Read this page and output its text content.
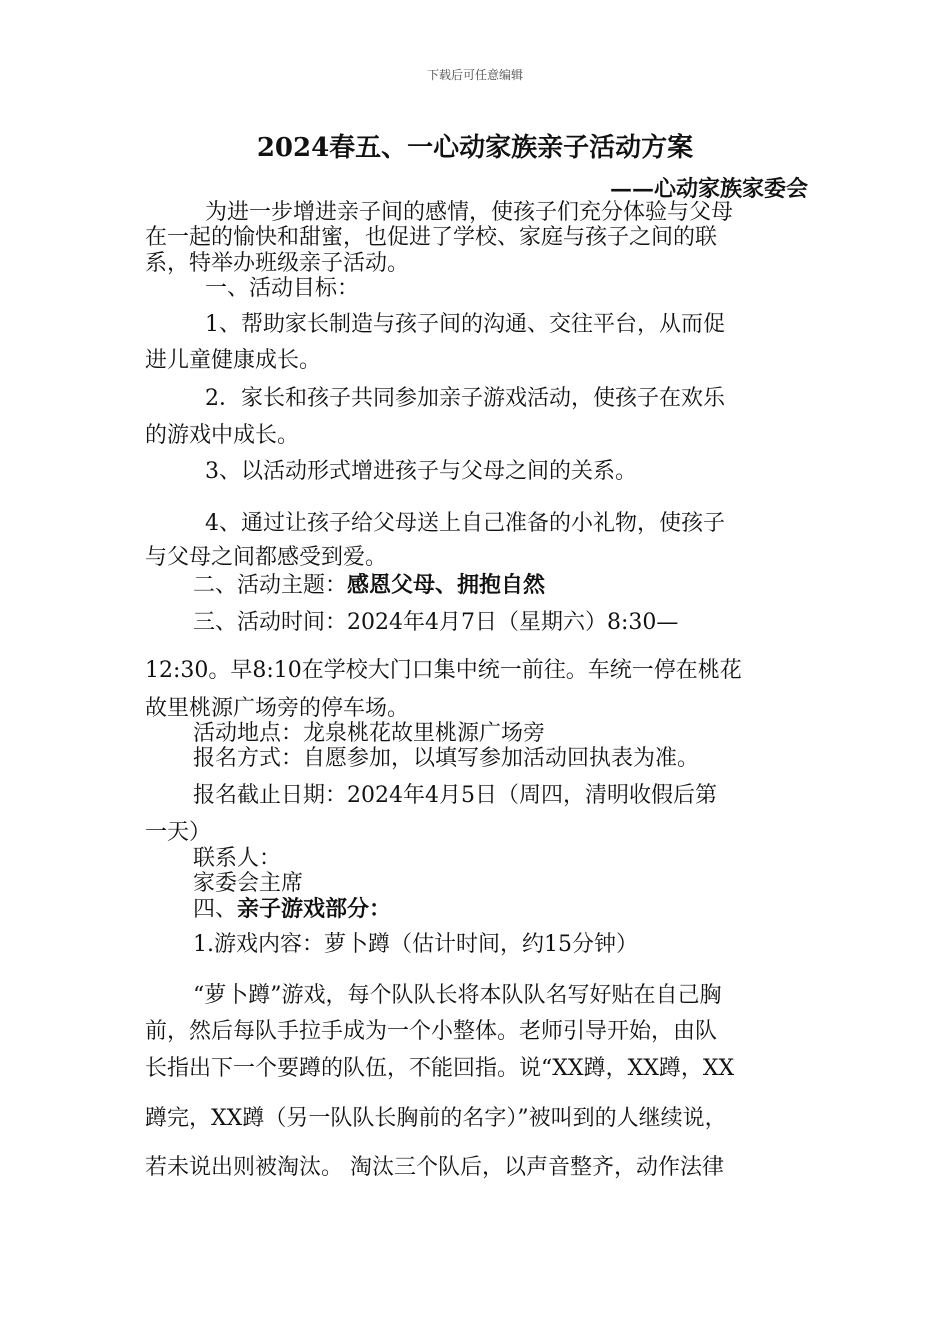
下载后可任意编辑
2024春五、一心动家族亲子活动方案
——心动家族家委会
为进一步增进亲子间的感情，使孩子们充分体验与父母
在一起的愉快和甜蜜，也促进了学校、家庭与孩子之间的联
系，特举办班级亲子活动。
一、活动目标：
1、帮助家长制造与孩子间的沟通、交往平台，从而促
进儿童健康成长。
2．家长和孩子共同参加亲子游戏活动，使孩子在欢乐
的游戏中成长。
3、以活动形式增进孩子与父母之间的关系。
4、通过让孩子给父母送上自己准备的小礼物，使孩子
与父母之间都感受到爱。
二、活动主题：感恩父母、拥抱自然
三、活动时间：2024年4月7日（星期六）8:30—
12:30。早8:10在学校大门口集中统一前往。车统一停在桃花
故里桃源广场旁的停车场。
活动地点：龙泉桃花故里桃源广场旁
报名方式：自愿参加，以填写参加活动回执表为准。
报名截止日期：2024年4月5日（周四，清明收假后第
一天）
联系人：
家委会主席
四、亲子游戏部分：
1.游戏内容：萝卜蹲（估计时间，约15分钟）
“萝卜蹲”游戏，每个队队长将本队队名写好贴在自己胸
前，然后每队手拉手成为一个小整体。老师引导开始，由队
长指出下一个要蹲的队伍，不能回指。说“XX蹲，XX蹲，XX
蹲完，XX蹲（另一队队长胸前的名字）”被叫到的人继续说，
若未说出则被淘汰。 淘汰三个队后，以声音整齐，动作法律
